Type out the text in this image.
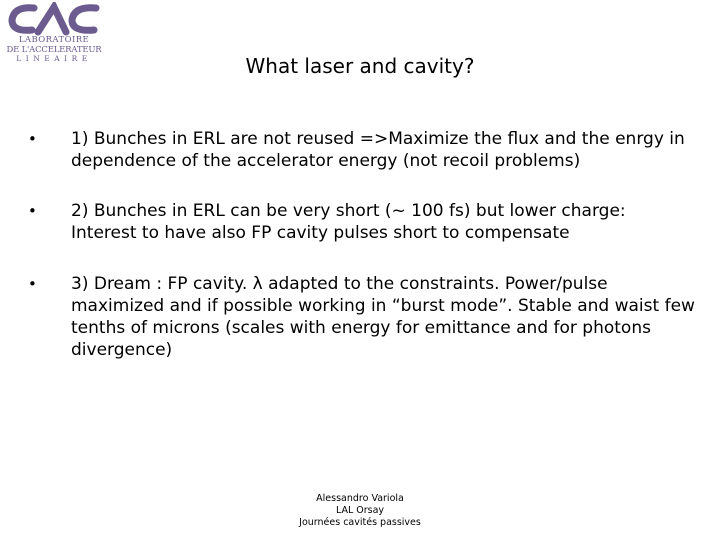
LABORATOIRE
DE L'ACCELERATEUR
LINEAIRE	What laser and cavity?
• 1) Bunches in ERL are not reused =>Maximize the flux and the enrgy in dependence of the accelerator energy (not recoil problems)
• 2) Bunches in ERL can be very short (~ 100 fs) but lower charge: Interest to have also FP cavity pulses short to compensate
• 3) Dream : FP cavity. λ adapted to the constraints. Power/pulse maximized and if possible working in “burst mode”. Stable and waist few tenths of microns (scales with energy for emittance and for photons divergence)
Alessandro Variola
LAL Orsay
Journées cavités passives
